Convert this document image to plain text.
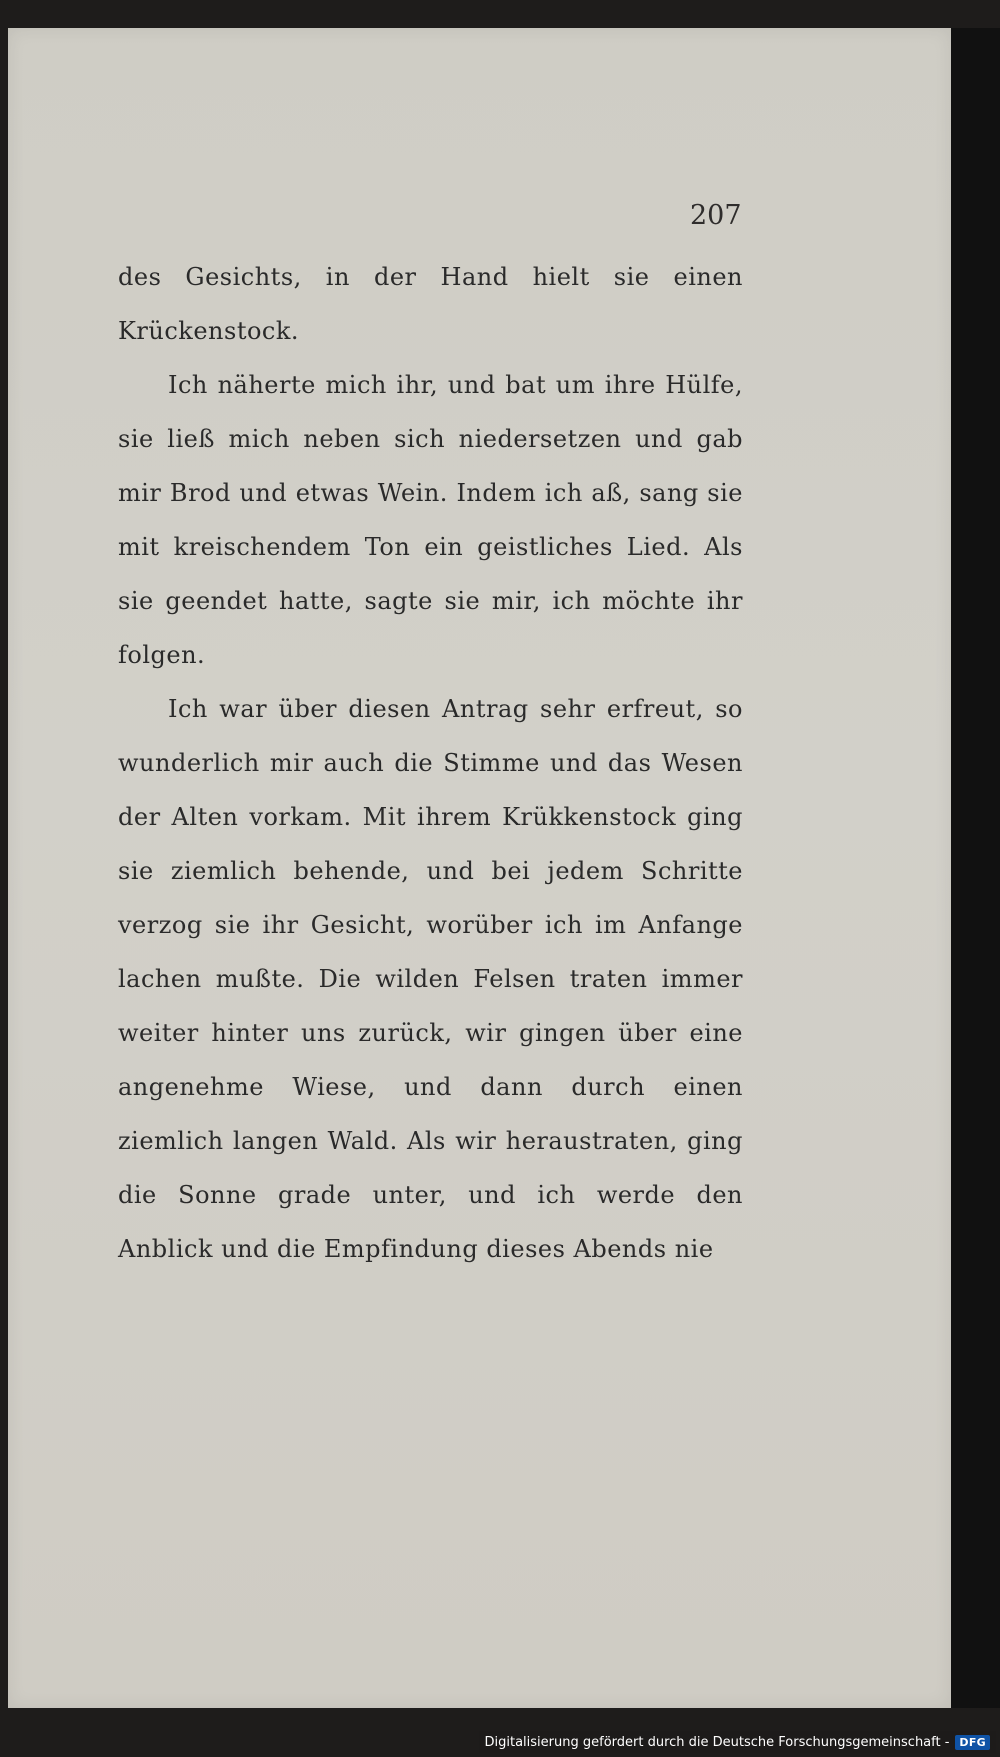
207

des Gesichts, in der Hand hielt sie einen Krückenstock.

Ich näherte mich ihr, und bat um ihre Hülfe, sie ließ mich neben sich niedersetzen und gab mir Brod und etwas Wein. Indem ich aß, sang sie mit kreischendem Ton ein geistliches Lied. Als sie geendet hatte, sagte sie mir, ich möchte ihr folgen.

Ich war über diesen Antrag sehr erfreut, so wunderlich mir auch die Stimme und das Wesen der Alten vorkam. Mit ihrem Krükkenstock ging sie ziemlich behende, und bei jedem Schritte verzog sie ihr Gesicht, worüber ich im Anfange lachen mußte. Die wilden Felsen traten immer weiter hinter uns zurück, wir gingen über eine angenehme Wiese, und dann durch einen ziemlich langen Wald. Als wir heraustraten, ging die Sonne grade unter, und ich werde den Anblick und die Empfindung dieses Abends nie

Digitalisierung gefördert durch die Deutsche Forschungsgemeinschaft - DFG
